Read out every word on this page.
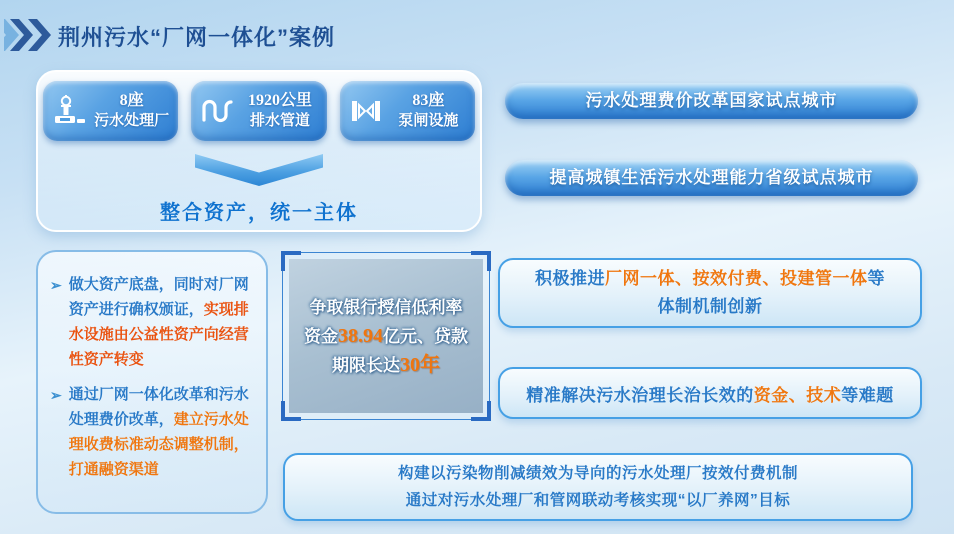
荆州污水“厂网一体化”案例
8座
污水处理厂
1920公里
排水管道
83座
泵闸设施
整合资产，统一主体
污水处理费价改革国家试点城市
提高城镇生活污水处理能力省级试点城市
➢ 做大资产底盘，同时对厂网资产进行确权颁证，实现排水设施由公益性资产向经营性资产转变
➢ 通过厂网一体化改革和污水处理费价改革，建立污水处理收费标准动态调整机制，打通融资渠道
争取银行授信低利率
资金38.94亿元、贷款
期限长达30年
积极推进厂网一体、按效付费、投建管一体等
体制机制创新
精准解决污水治理长治长效的资金、技术等难题
构建以污染物削减绩效为导向的污水处理厂按效付费机制
通过对污水处理厂和管网联动考核实现“以厂养网”目标
